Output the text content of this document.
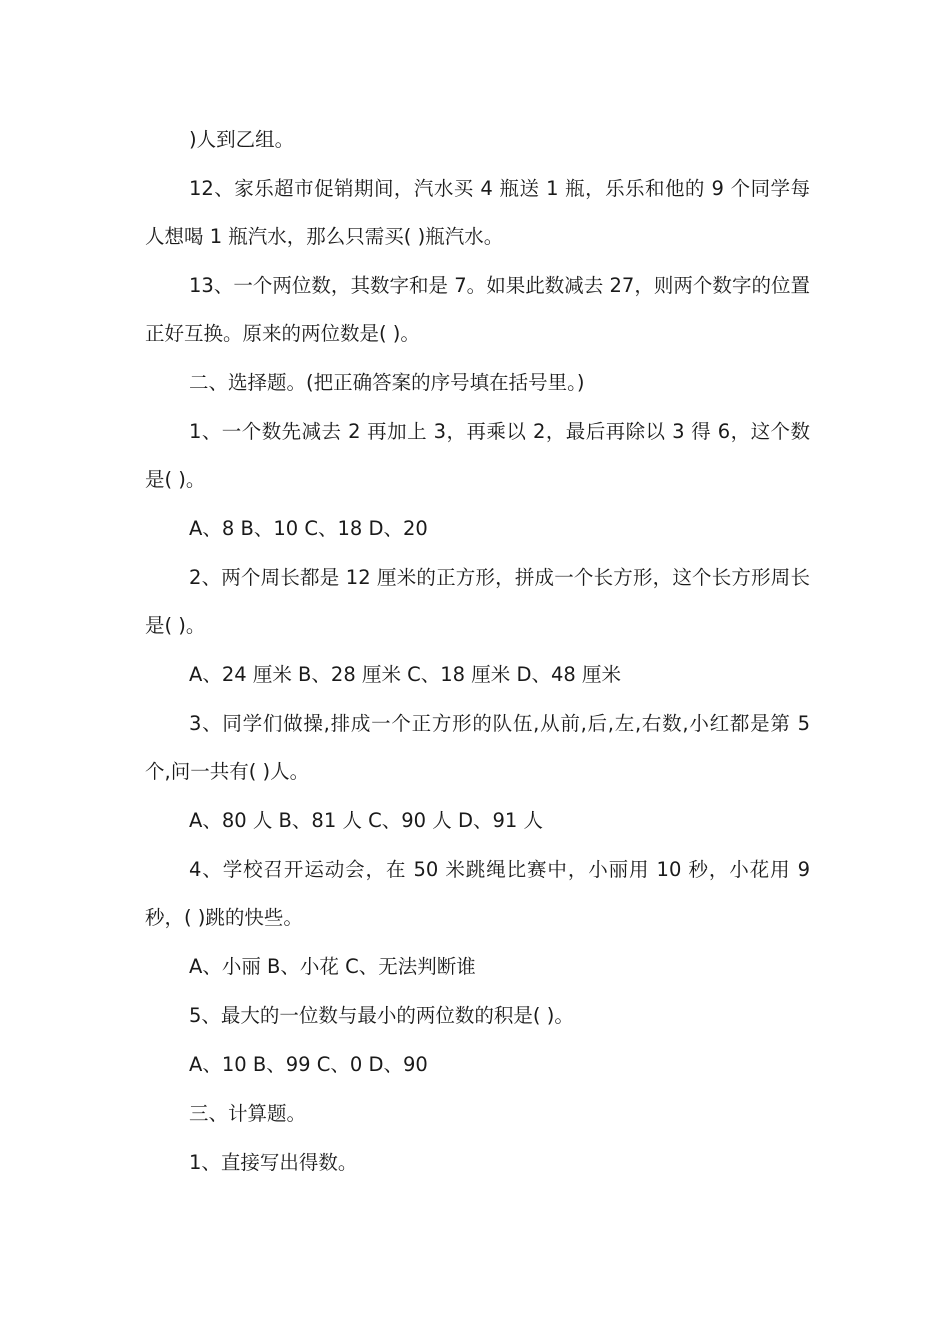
)人到乙组。

12、家乐超市促销期间，汽水买 4 瓶送 1 瓶，乐乐和他的 9 个同学每人想喝 1 瓶汽水，那么只需买( )瓶汽水。

13、一个两位数，其数字和是 7。如果此数减去 27，则两个数字的位置正好互换。原来的两位数是( )。

二、选择题。(把正确答案的序号填在括号里。)

1、一个数先减去 2 再加上 3，再乘以 2，最后再除以 3 得 6，这个数是( )。

A、8 B、10 C、18 D、20

2、两个周长都是 12 厘米的正方形，拼成一个长方形，这个长方形周长是( )。

A、24 厘米 B、28 厘米 C、18 厘米 D、48 厘米

3、同学们做操,排成一个正方形的队伍,从前,后,左,右数,小红都是第 5 个,问一共有( )人。

A、80 人 B、81 人 C、90 人 D、91 人

4、学校召开运动会，在 50 米跳绳比赛中，小丽用 10 秒，小花用 9 秒，( )跳的快些。

A、小丽 B、小花 C、无法判断谁

5、最大的一位数与最小的两位数的积是( )。

A、10 B、99 C、0 D、90

三、计算题。

1、直接写出得数。
